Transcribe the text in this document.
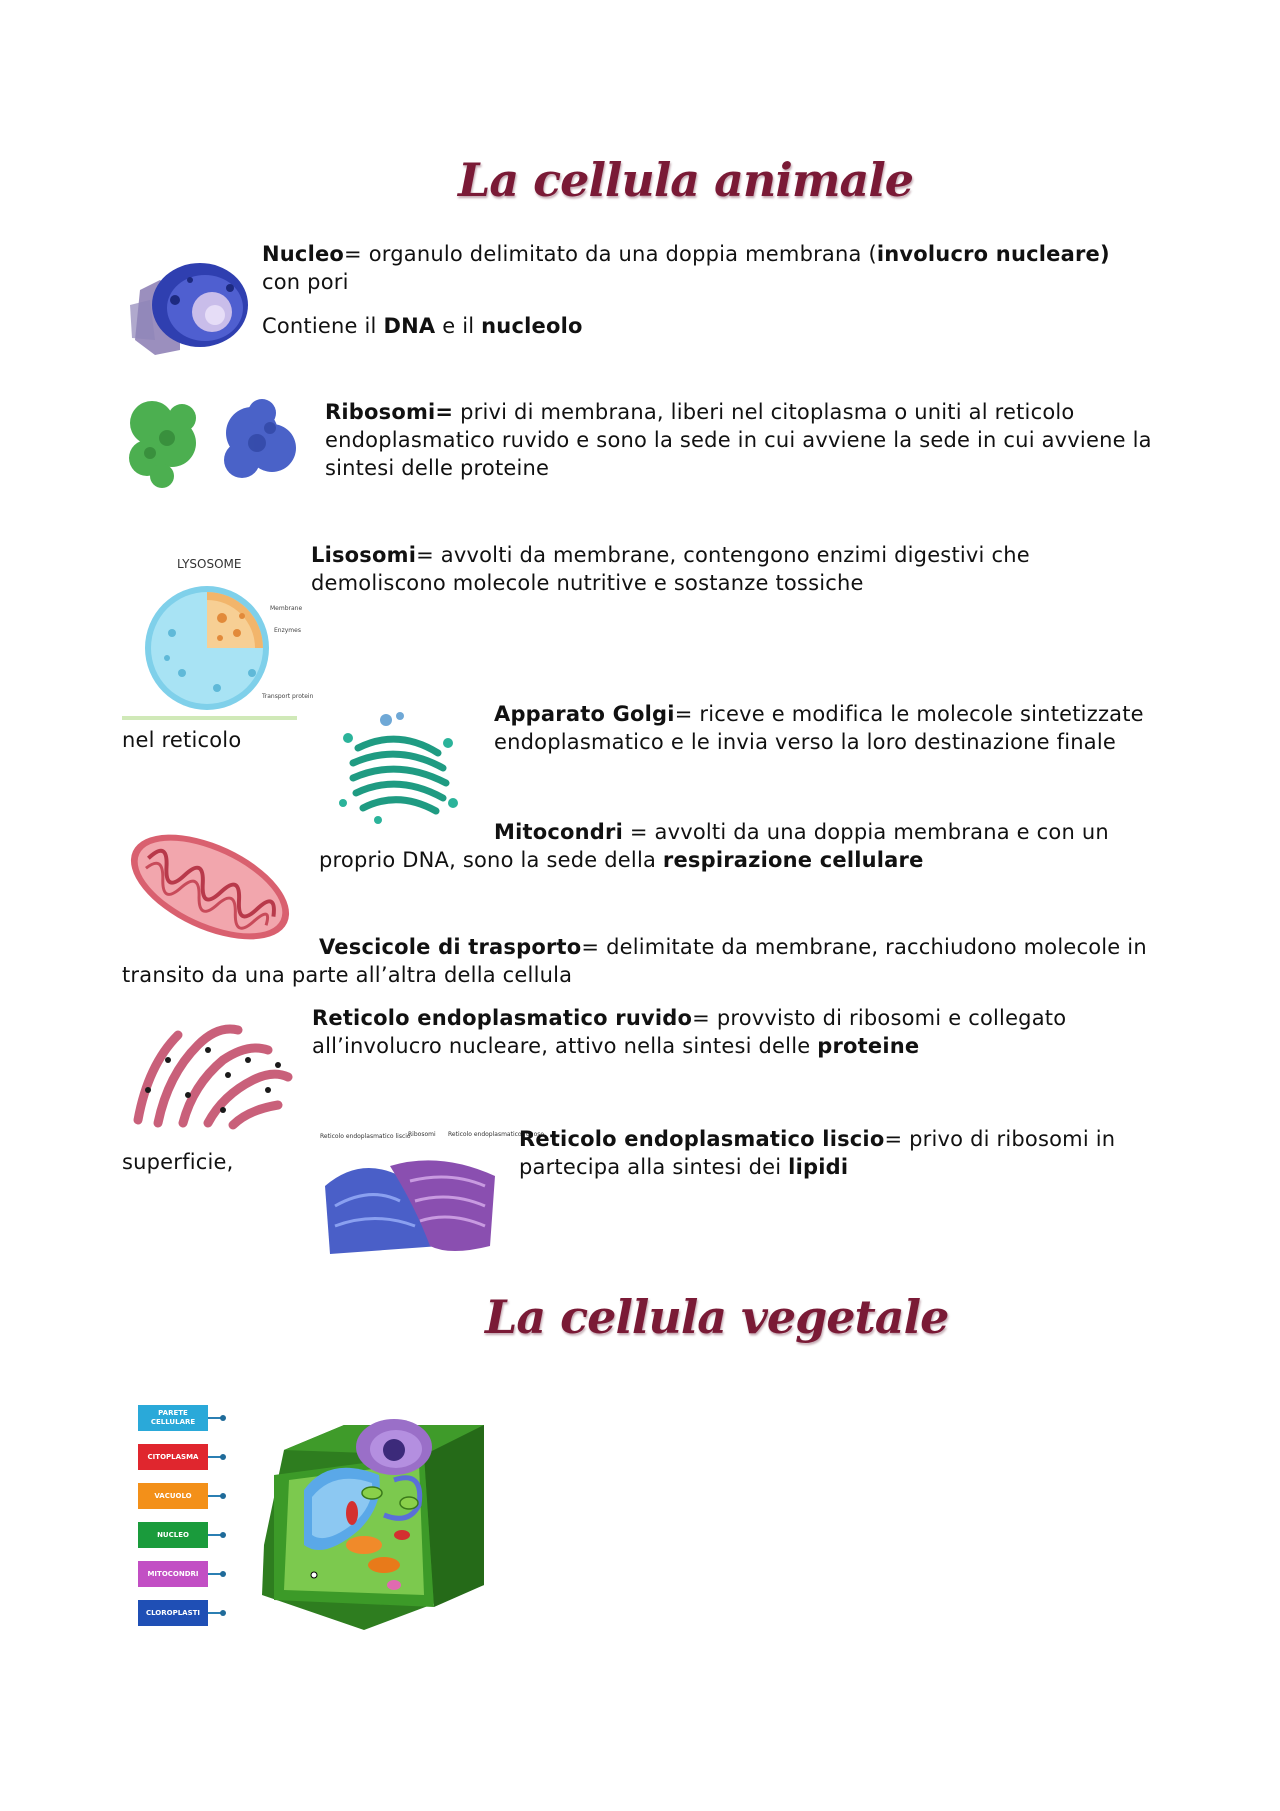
La cellula animale
Nucleo= organulo delimitato da una doppia membrana (involucro nucleare)
con pori
Contiene il DNA e il nucleolo
Ribosomi= privi di membrana, liberi nel citoplasma o uniti al reticolo endoplasmatico ruvido e sono la sede in cui avviene la sede in cui avviene la sintesi delle proteine
LYSOSOME
Membrane
Enzymes
Transport protein
Lisosomi= avvolti da membrane, contengono enzimi digestivi che demoliscono molecole nutritive e sostanze tossiche
nel reticolo
Apparato Golgi= riceve e modifica le molecole sintetizzate endoplasmatico e le invia verso la loro destinazione finale
Mitocondri = avvolti da una doppia membrana e con un
proprio DNA, sono la sede della respirazione cellulare
Vescicole di trasporto= delimitate da membrane, racchiudono molecole in
transito da una parte all’altra della cellula
Reticolo endoplasmatico ruvido= provvisto di ribosomi e collegato
all’involucro nucleare, attivo nella sintesi delle proteine
superficie,
Reticolo endoplasmatico liscio
Ribosomi Reticolo endoplasmatico rugoso
Reticolo endoplasmatico liscio= privo di ribosomi in
partecipa alla sintesi dei lipidi
La cellula vegetale
PARETE CELLULARE
CITOPLASMA
VACUOLO
NUCLEO
MITOCONDRI
CLOROPLASTI
